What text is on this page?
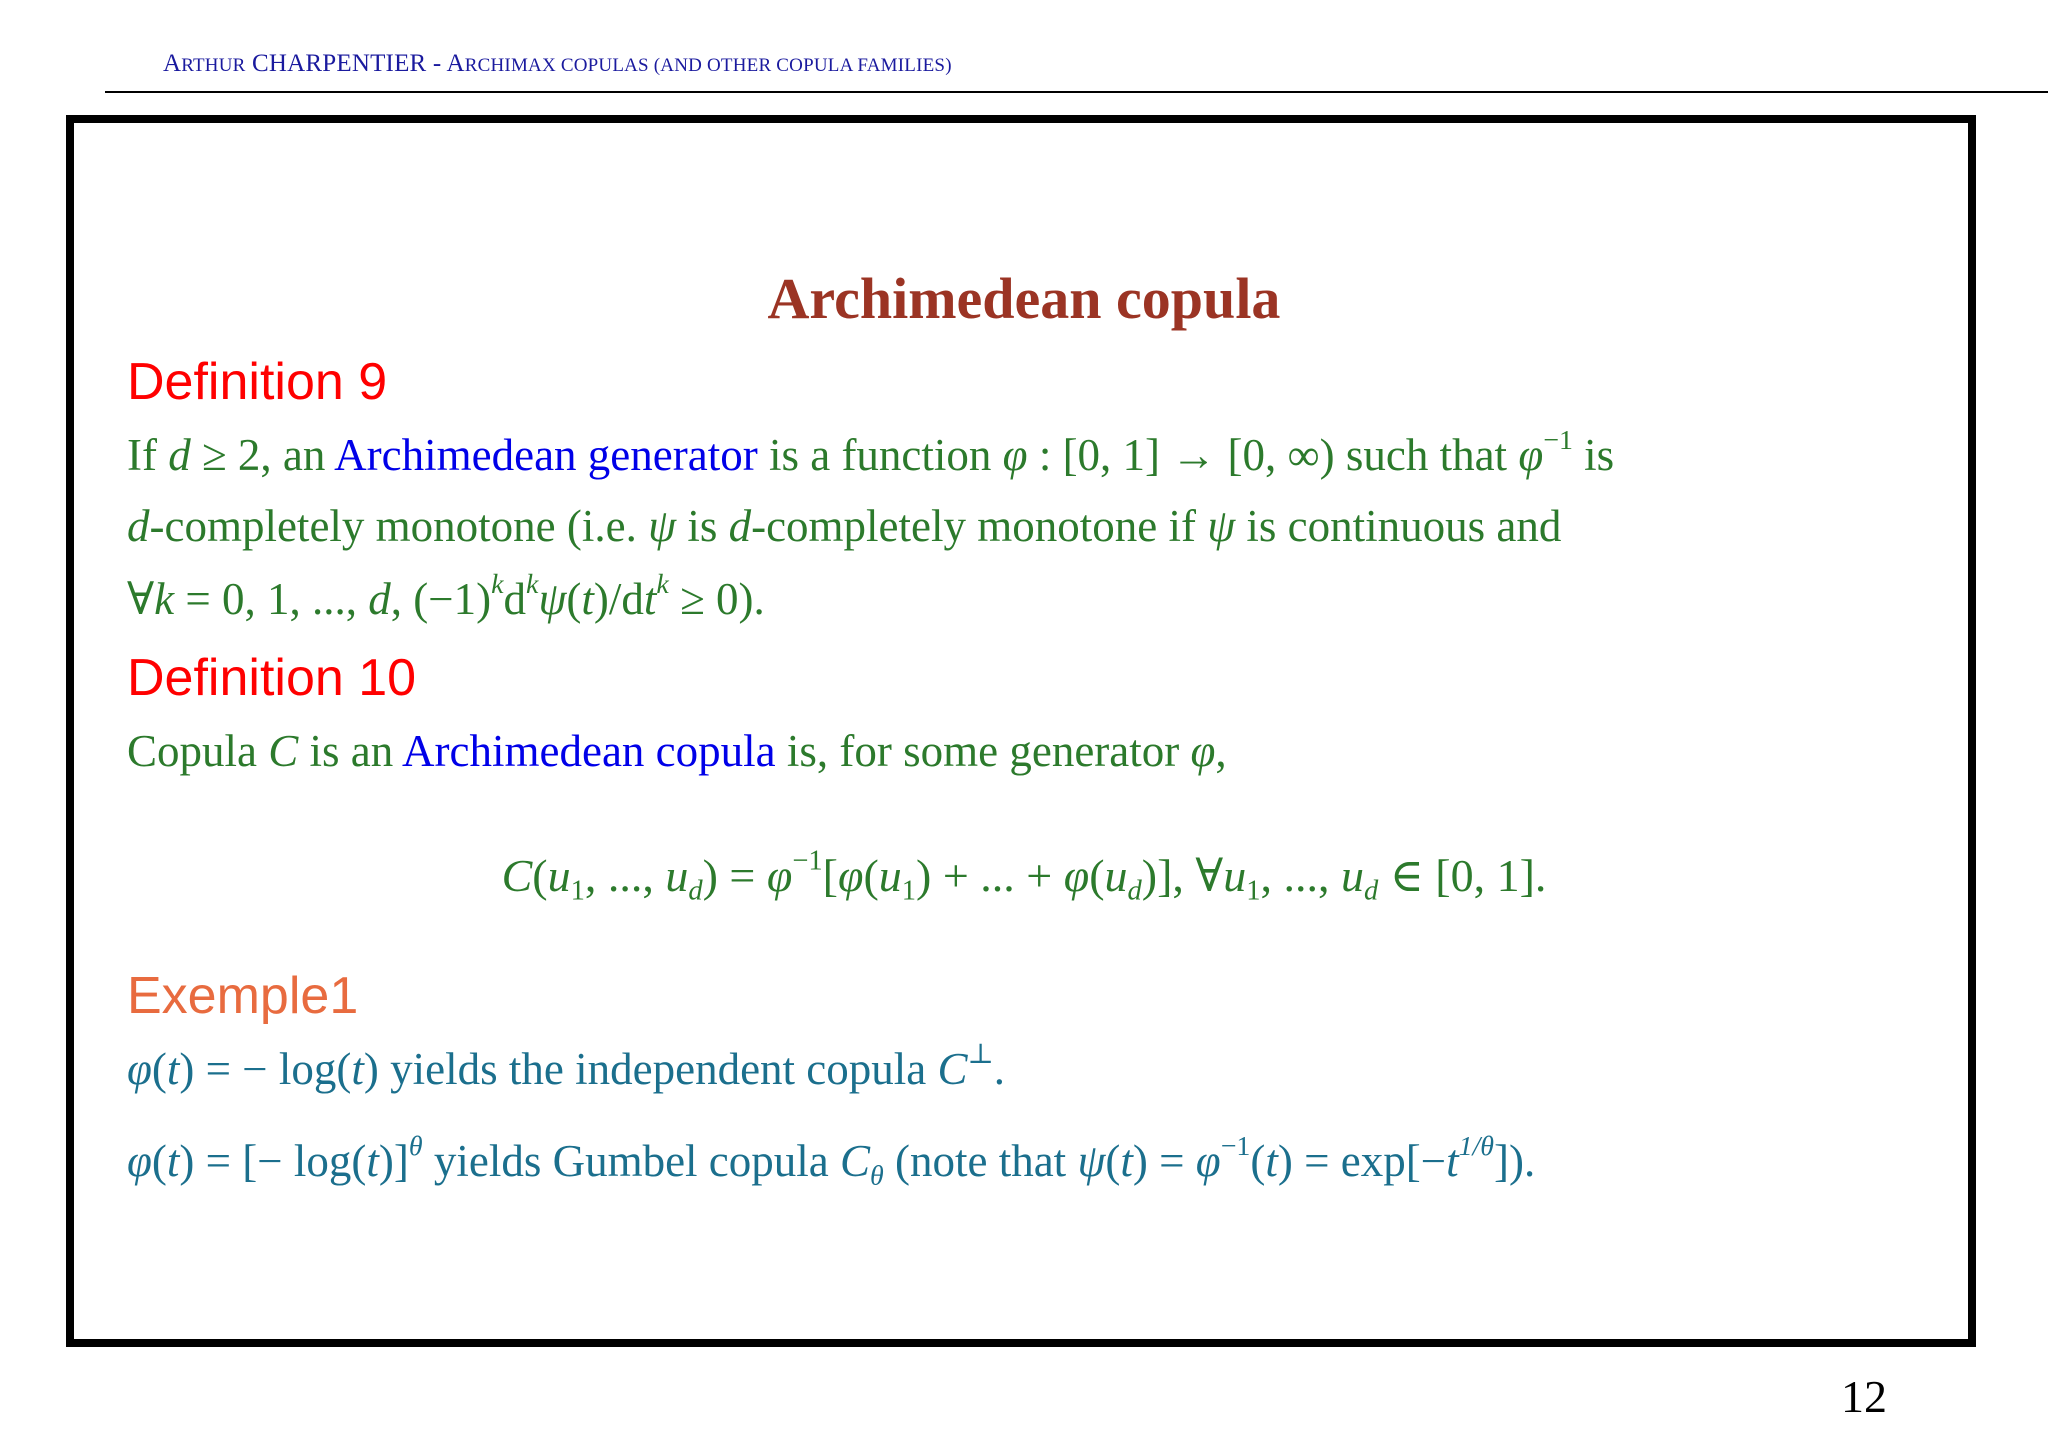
ARTHUR CHARPENTIER - ARCHIMAX COPULAS (AND OTHER COPULA FAMILIES)
Archimedean copula
Definition 9
If d ≥ 2, an Archimedean generator is a function φ : [0, 1] → [0, ∞) such that $\varphi^{-1}$ is
d-completely monotone (i.e. ψ is d-completely monotone if ψ is continuous and
∀k = 0, 1, ..., d, $(-1)^kd^k\psi(t)/dt^k \ge 0$).
Definition 10
Copula C is an Archimedean copula is, for some generator φ,
$C(u_1$, ..., $u_d) = \varphi^{-1}[\varphi(u_1)$ + ... + $\varphi(u_d)$], $\forall u_1$, ..., $u_d$ ∈ [0, 1].
Exemple1
φ(t) = − log(t) yields the independent copula C⊥.
φ(t) = [− log(t)]$^\theta$ yields Gumbel copula $C_\theta$ (note that $\psi(t) = \varphi^{-1}(t) = \exp[-t^{1/\theta}]$).
12
